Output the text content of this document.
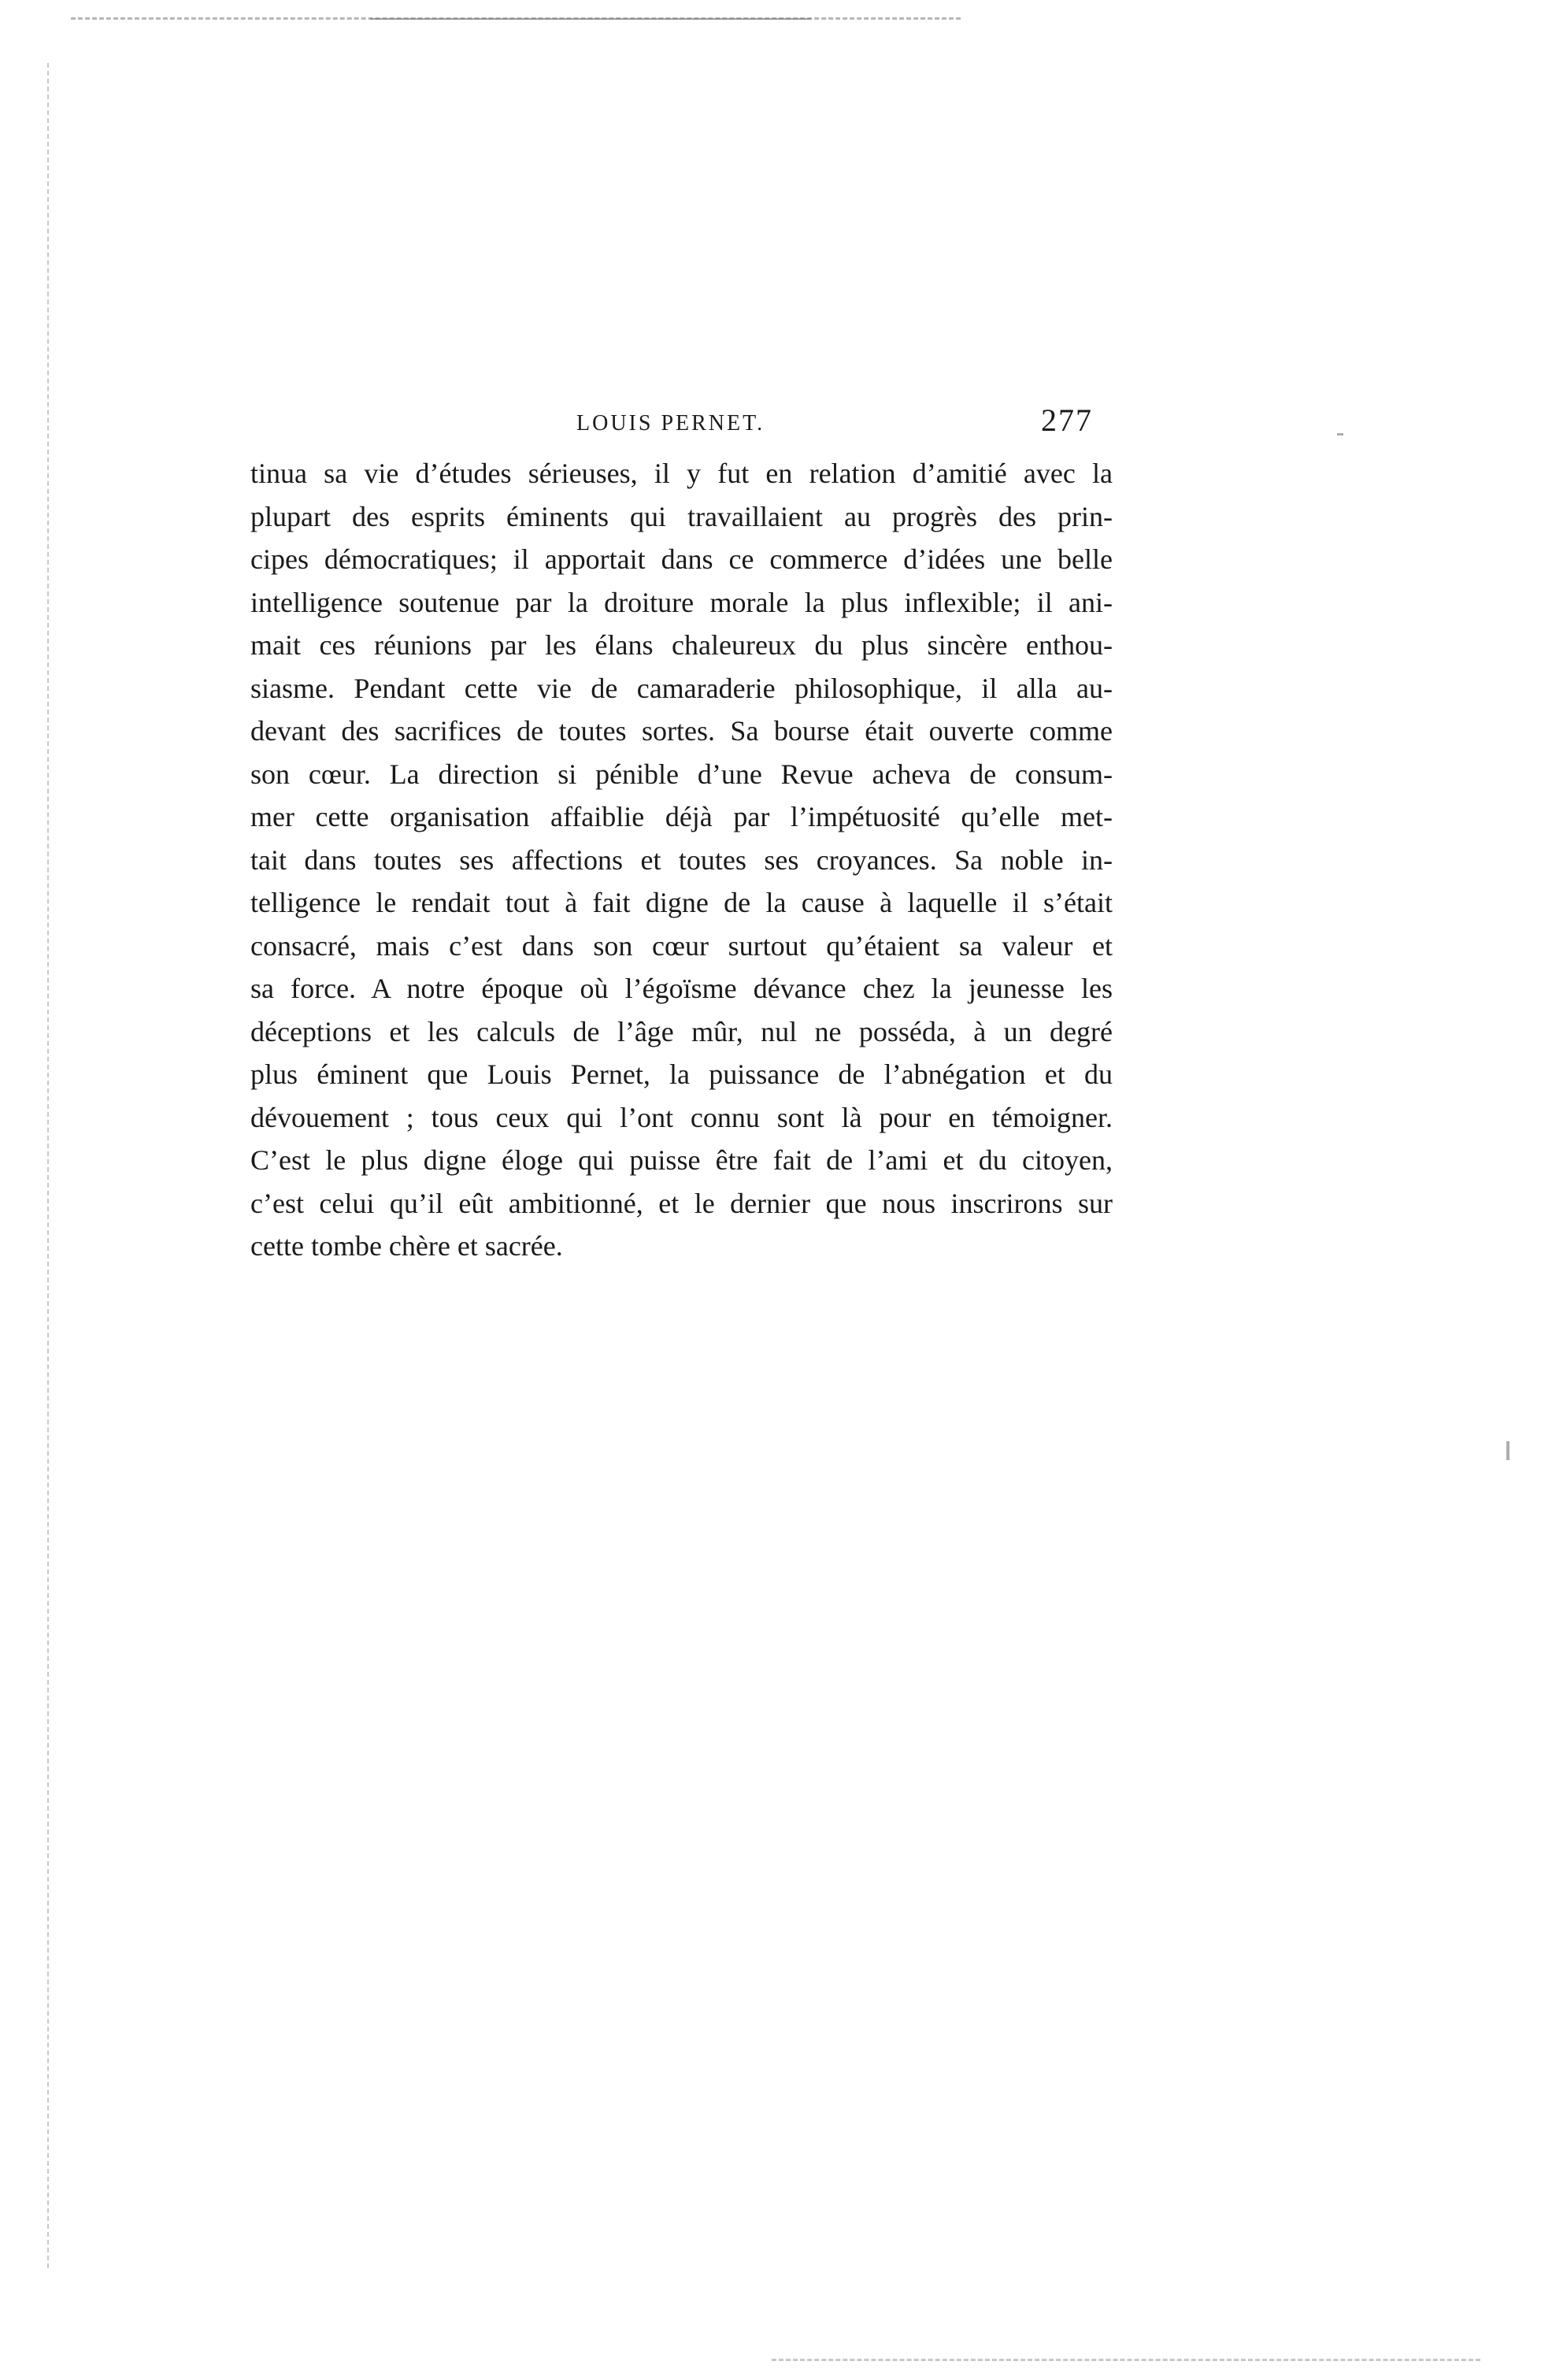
LOUIS PERNET.	277
tinua sa vie d’études sérieuses, il y fut en relation d’amitié avec la
plupart des esprits éminents qui travaillaient au progrès des prin-
cipes démocratiques; il apportait dans ce commerce d’idées une belle
intelligence soutenue par la droiture morale la plus inflexible; il ani-
mait ces réunions par les élans chaleureux du plus sincère enthou-
siasme. Pendant cette vie de camaraderie philosophique, il alla au-
devant des sacrifices de toutes sortes. Sa bourse était ouverte comme
son cœur. La direction si pénible d’une Revue acheva de consum-
mer cette organisation affaiblie déjà par l’impétuosité qu’elle met-
tait dans toutes ses affections et toutes ses croyances. Sa noble in-
telligence le rendait tout à fait digne de la cause à laquelle il s’était
consacré, mais c’est dans son cœur surtout qu’étaient sa valeur et
sa force. A notre époque où l’égoïsme dévance chez la jeunesse les
déceptions et les calculs de l’âge mûr, nul ne posséda, à un degré
plus éminent que Louis Pernet, la puissance de l’abnégation et du
dévouement ; tous ceux qui l’ont connu sont là pour en témoigner.
C’est le plus digne éloge qui puisse être fait de l’ami et du citoyen,
c’est celui qu’il eût ambitionné, et le dernier que nous inscrirons sur
cette tombe chère et sacrée.
